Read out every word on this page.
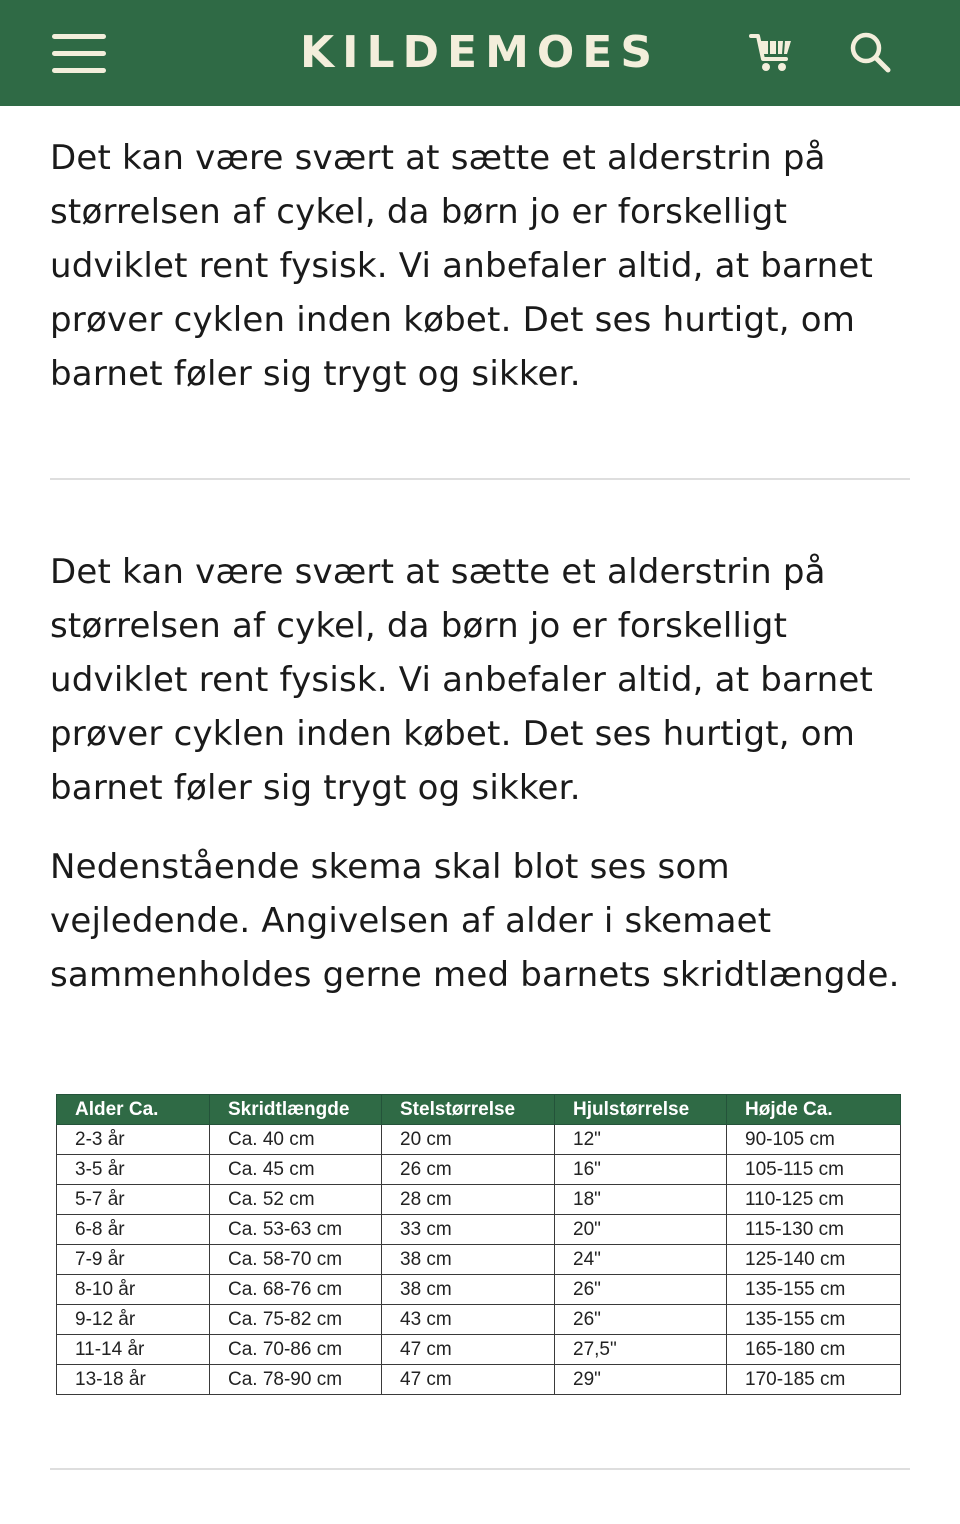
KILDEMOES

Det kan være svært at sætte et alderstrin på størrelsen af cykel, da børn jo er forskelligt udviklet rent fysisk. Vi anbefaler altid, at barnet prøver cyklen inden købet. Det ses hurtigt, om barnet føler sig trygt og sikker.

Det kan være svært at sætte et alderstrin på størrelsen af cykel, da børn jo er forskelligt udviklet rent fysisk. Vi anbefaler altid, at barnet prøver cyklen inden købet. Det ses hurtigt, om barnet føler sig trygt og sikker.

Nedenstående skema skal blot ses som vejledende. Angivelsen af alder i skemaet sammenholdes gerne med barnets skridtlængde.

Alder Ca.	Skridtlængde	Stelstørrelse	Hjulstørrelse	Højde Ca.
2-3 år	Ca. 40 cm	20 cm	12"	90-105 cm
3-5 år	Ca. 45 cm	26 cm	16"	105-115 cm
5-7 år	Ca. 52 cm	28 cm	18"	110-125 cm
6-8 år	Ca. 53-63 cm	33 cm	20"	115-130 cm
7-9 år	Ca. 58-70 cm	38 cm	24"	125-140 cm
8-10 år	Ca. 68-76 cm	38 cm	26"	135-155 cm
9-12 år	Ca. 75-82 cm	43 cm	26"	135-155 cm
11-14 år	Ca. 70-86 cm	47 cm	27,5"	165-180 cm
13-18 år	Ca. 78-90 cm	47 cm	29"	170-185 cm
